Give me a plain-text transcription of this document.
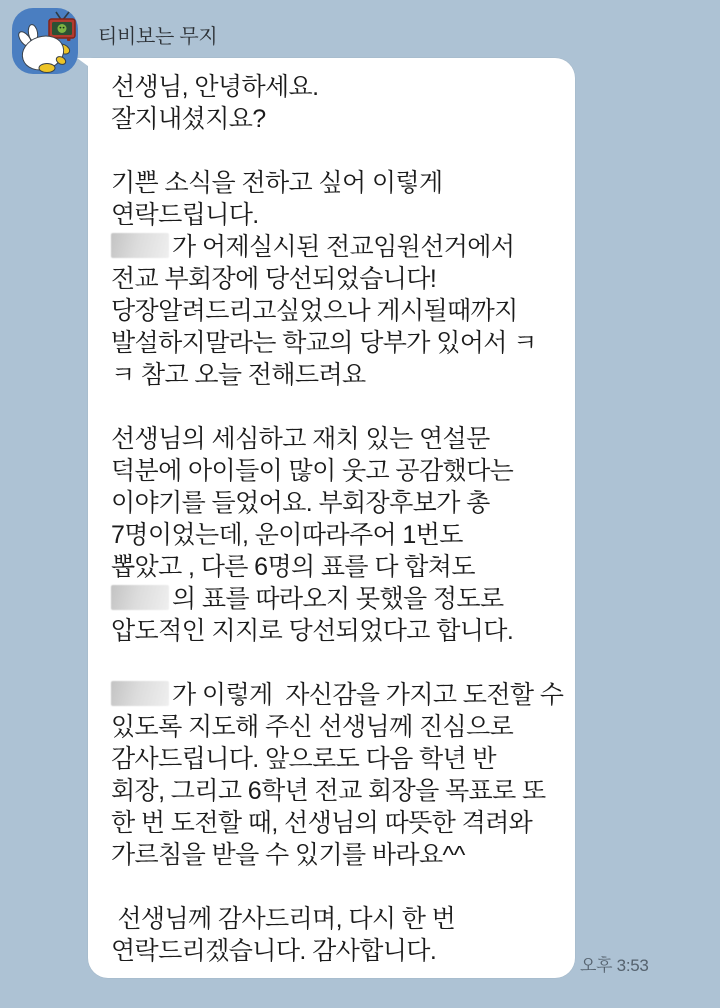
티비보는 무지
선생님, 안녕하세요.
잘지내셨지요?
기쁜 소식을 전하고 싶어 이렇게
연락드립니다.
가 어제실시된 전교임원선거에서
전교 부회장에 당선되었습니다!
당장알려드리고싶었으나 게시될때까지
발설하지말라는 학교의 당부가 있어서 ㅋ
ㅋ 참고 오늘 전해드려요
선생님의 세심하고 재치 있는 연설문
덕분에 아이들이 많이 웃고 공감했다는
이야기를 들었어요. 부회장후보가 총
7명이었는데, 운이따라주어 1번도
뽑았고 , 다른 6명의 표를 다 합쳐도
의 표를 따라오지 못했을 정도로
압도적인 지지로 당선되었다고 합니다.
가 이렇게  자신감을 가지고 도전할 수
있도록 지도해 주신 선생님께 진심으로
감사드립니다. 앞으로도 다음 학년 반
회장, 그리고 6학년 전교 회장을 목표로 또
한 번 도전할 때, 선생님의 따뜻한 격려와
가르침을 받을 수 있기를 바라요^^
선생님께 감사드리며, 다시 한 번
연락드리겠습니다. 감사합니다.
오후 3:53
